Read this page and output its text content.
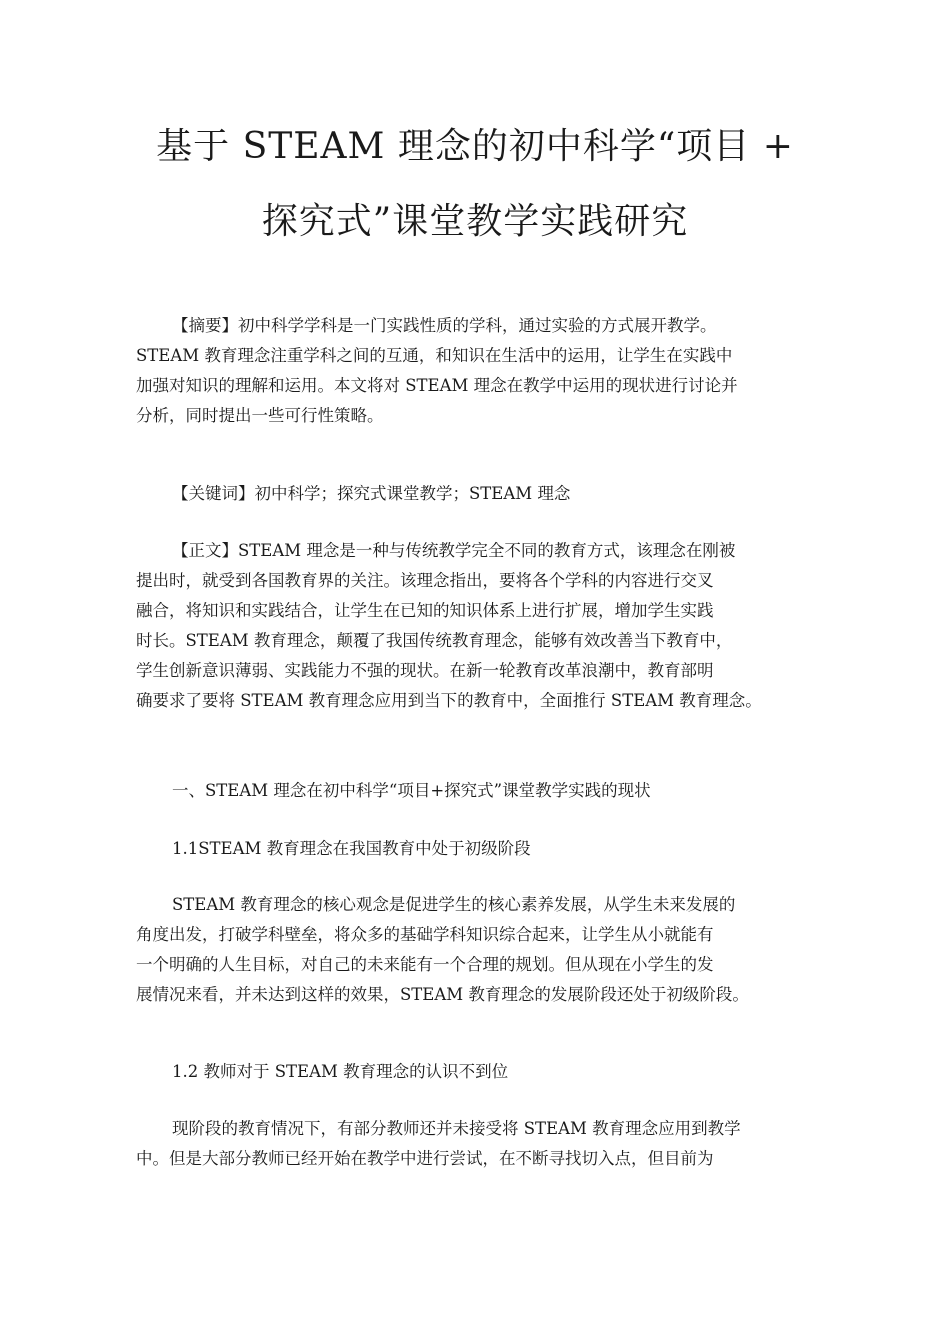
基于 STEAM 理念的初中科学“项目 +
探究式”课堂教学实践研究
【摘要】初中科学学科是一门实践性质的学科，通过实验的方式展开教学。
STEAM 教育理念注重学科之间的互通，和知识在生活中的运用，让学生在实践中
加强对知识的理解和运用。本文将对 STEAM 理念在教学中运用的现状进行讨论并
分析，同时提出一些可行性策略。
【关键词】初中科学；探究式课堂教学；STEAM 理念
【正文】STEAM 理念是一种与传统教学完全不同的教育方式，该理念在刚被
提出时，就受到各国教育界的关注。该理念指出，要将各个学科的内容进行交叉
融合，将知识和实践结合，让学生在已知的知识体系上进行扩展，增加学生实践
时长。STEAM 教育理念，颠覆了我国传统教育理念，能够有效改善当下教育中，
学生创新意识薄弱、实践能力不强的现状。在新一轮教育改革浪潮中，教育部明
确要求了要将 STEAM 教育理念应用到当下的教育中，全面推行 STEAM 教育理念。
一、STEAM 理念在初中科学“项目+探究式”课堂教学实践的现状
1.1STEAM 教育理念在我国教育中处于初级阶段
STEAM 教育理念的核心观念是促进学生的核心素养发展，从学生未来发展的
角度出发，打破学科壁垒，将众多的基础学科知识综合起来，让学生从小就能有
一个明确的人生目标，对自己的未来能有一个合理的规划。但从现在小学生的发
展情况来看，并未达到这样的效果，STEAM 教育理念的发展阶段还处于初级阶段。
1.2 教师对于 STEAM 教育理念的认识不到位
现阶段的教育情况下，有部分教师还并未接受将 STEAM 教育理念应用到教学
中。但是大部分教师已经开始在教学中进行尝试，在不断寻找切入点，但目前为
